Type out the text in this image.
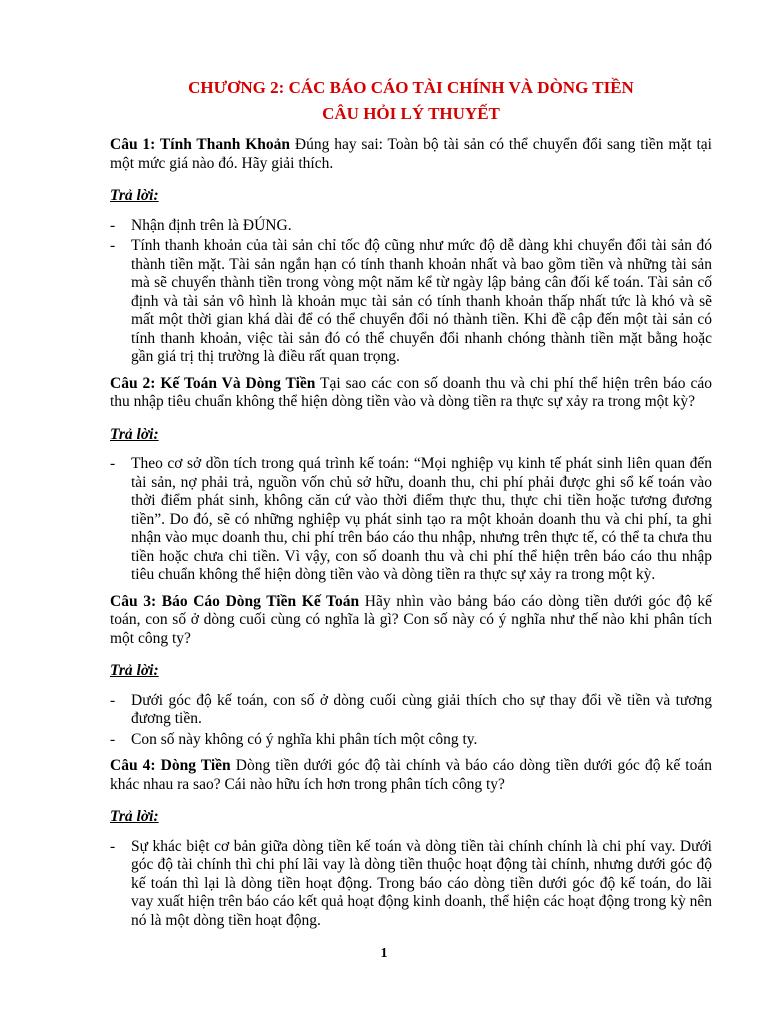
CHƯƠNG 2: CÁC BÁO CÁO TÀI CHÍNH VÀ DÒNG TIỀN
CÂU HỎI LÝ THUYẾT

Câu 1: Tính Thanh Khoản Đúng hay sai: Toàn bộ tài sản có thể chuyển đổi sang tiền mặt tại một mức giá nào đó. Hãy giải thích.

Trả lời:

- Nhận định trên là ĐÚNG.
- Tính thanh khoản của tài sản chỉ tốc độ cũng như mức độ dễ dàng khi chuyển đổi tài sản đó thành tiền mặt. Tài sản ngắn hạn có tính thanh khoản nhất và bao gồm tiền và những tài sản mà sẽ chuyển thành tiền trong vòng một năm kể từ ngày lập bảng cân đối kế toán. Tài sản cố định và tài sản vô hình là khoản mục tài sản có tính thanh khoản thấp nhất tức là khó và sẽ mất một thời gian khá dài để có thể chuyển đổi nó thành tiền. Khi đề cập đến một tài sản có tính thanh khoản, việc tài sản đó có thể chuyển đổi nhanh chóng thành tiền mặt bằng hoặc gần giá trị thị trường là điều rất quan trọng.

Câu 2: Kế Toán Và Dòng Tiền Tại sao các con số doanh thu và chi phí thể hiện trên báo cáo thu nhập tiêu chuẩn không thể hiện dòng tiền vào và dòng tiền ra thực sự xảy ra trong một kỳ?

Trả lời:

- Theo cơ sở dồn tích trong quá trình kế toán: “Mọi nghiệp vụ kinh tế phát sinh liên quan đến tài sản, nợ phải trả, nguồn vốn chủ sở hữu, doanh thu, chi phí phải được ghi sổ kế toán vào thời điểm phát sinh, không căn cứ vào thời điểm thực thu, thực chi tiền hoặc tương đương tiền”. Do đó, sẽ có những nghiệp vụ phát sinh tạo ra một khoản doanh thu và chi phí, ta ghi nhận vào mục doanh thu, chi phí trên báo cáo thu nhập, nhưng trên thực tế, có thể ta chưa thu tiền hoặc chưa chi tiền. Vì vậy, con số doanh thu và chi phí thể hiện trên báo cáo thu nhập tiêu chuẩn không thể hiện dòng tiền vào và dòng tiền ra thực sự xảy ra trong một kỳ.

Câu 3: Báo Cáo Dòng Tiền Kế Toán Hãy nhìn vào bảng báo cáo dòng tiền dưới góc độ kế toán, con số ở dòng cuối cùng có nghĩa là gì? Con số này có ý nghĩa như thế nào khi phân tích một công ty?

Trả lời:

- Dưới góc độ kế toán, con số ở dòng cuối cùng giải thích cho sự thay đổi về tiền và tương đương tiền.
- Con số này không có ý nghĩa khi phân tích một công ty.

Câu 4: Dòng Tiền Dòng tiền dưới góc độ tài chính và báo cáo dòng tiền dưới góc độ kế toán khác nhau ra sao? Cái nào hữu ích hơn trong phân tích công ty?

Trả lời:

- Sự khác biệt cơ bản giữa dòng tiền kế toán và dòng tiền tài chính chính là chi phí vay. Dưới góc độ tài chính thì chi phí lãi vay là dòng tiền thuộc hoạt động tài chính, nhưng dưới góc độ kế toán thì lại là dòng tiền hoạt động. Trong báo cáo dòng tiền dưới góc độ kế toán, do lãi vay xuất hiện trên báo cáo kết quả hoạt động kinh doanh, thể hiện các hoạt động trong kỳ nên nó là một dòng tiền hoạt động.
1
